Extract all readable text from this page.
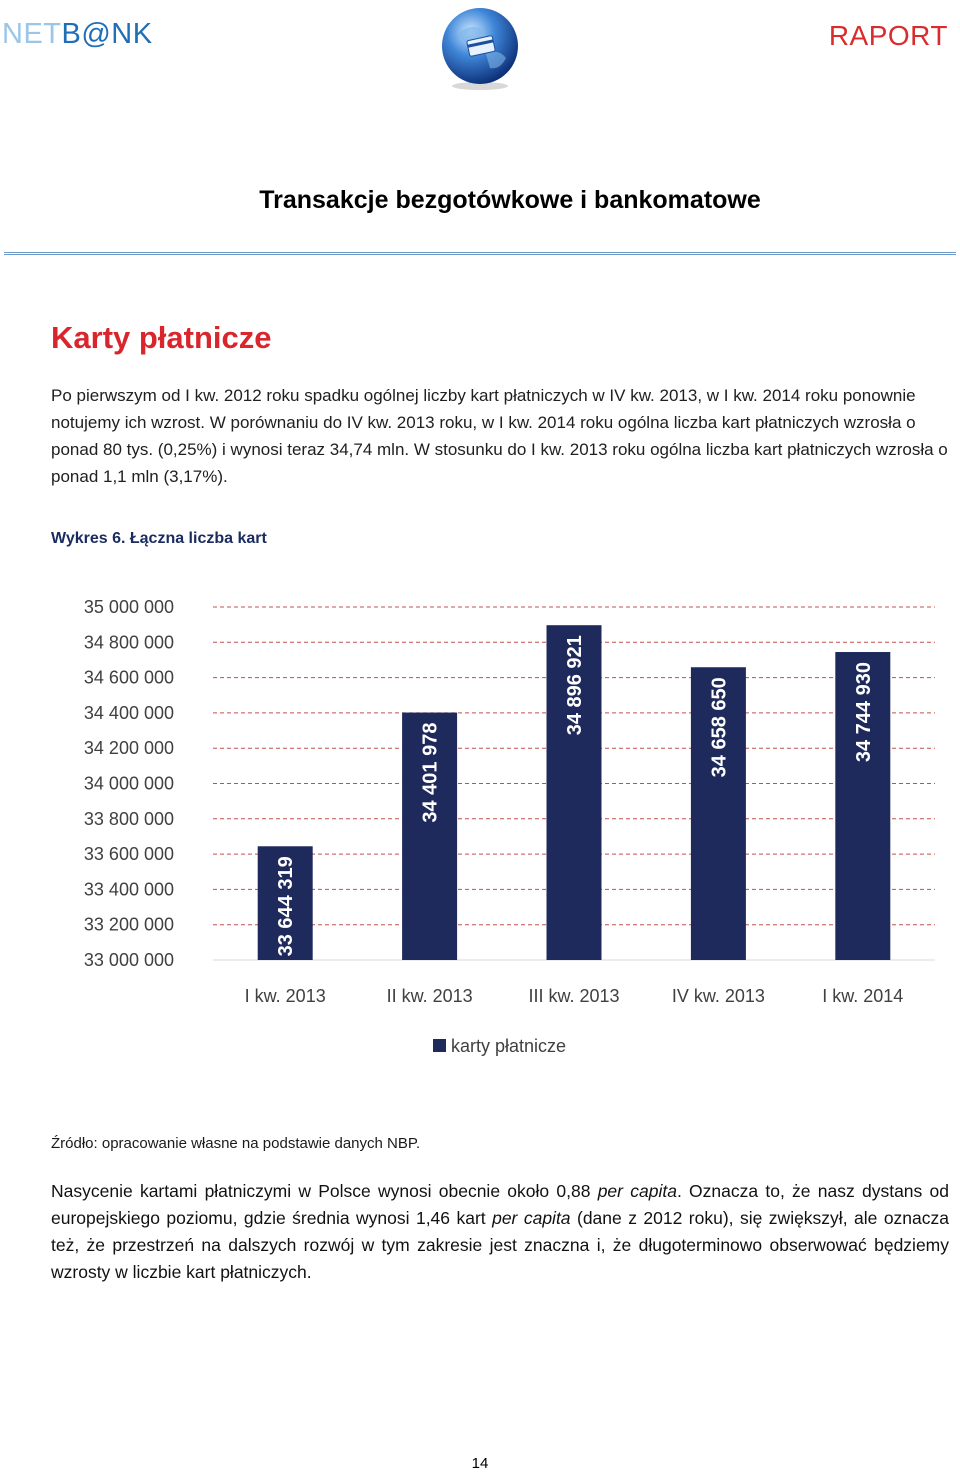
NETB@NK	RAPORT
Transakcje bezgotówkowe i bankomatowe
Karty płatnicze

Po pierwszym od I kw. 2012 roku spadku ogólnej liczby kart płatniczych w IV kw. 2013, w I kw. 2014 roku ponownie notujemy ich wzrost. W porównaniu do IV kw. 2013 roku, w I kw. 2014 roku ogólna liczba kart płatniczych wzrosła o ponad 80 tys. (0,25%) i wynosi teraz 34,74 mln. W stosunku do I kw. 2013 roku ogólna liczba kart płatniczych wzrosła o ponad 1,1 mln (3,17%).

Wykres 6. Łączna liczba kart
33 000 000
33 200 000
33 400 000
33 600 000
33 800 000
34 000 000
34 200 000
34 400 000
34 600 000
34 800 000
35 000 000
33 644 319
I kw. 2013
34 401 978
II kw. 2013
34 896 921
III kw. 2013
34 658 650
IV kw. 2013
34 744 930
I kw. 2014
karty płatnicze
Źródło: opracowanie własne na podstawie danych NBP.

Nasycenie kartami płatniczymi w Polsce wynosi obecnie około 0,88 per capita. Oznacza to, że nasz dystans od europejskiego poziomu, gdzie średnia wynosi 1,46 kart per capita (dane z 2012 roku), się zwiększył, ale oznacza też, że przestrzeń na dalszych rozwój w tym zakresie jest znaczna i, że długoterminowo obserwować będziemy wzrosty w liczbie kart płatniczych.

14
